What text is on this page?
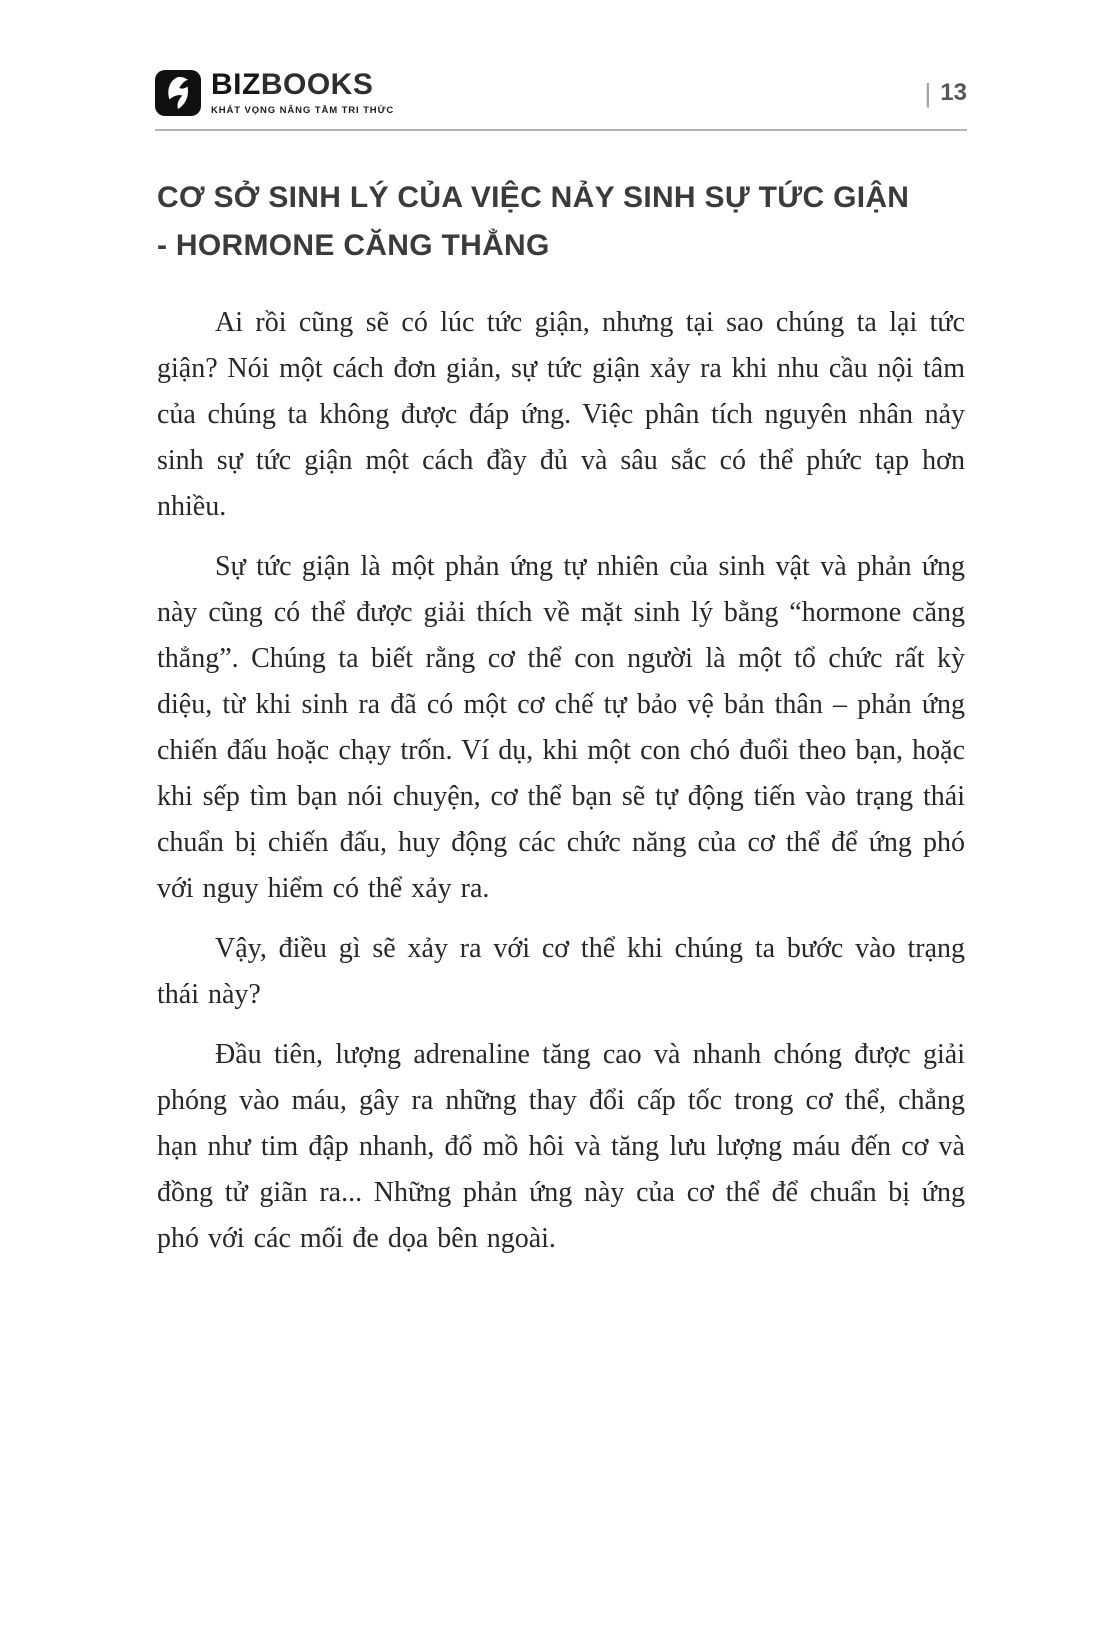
BIZBOOKS
KHÁT VỌNG NÂNG TẦM TRI THỨC
| 13
CƠ SỞ SINH LÝ CỦA VIỆC NẢY SINH SỰ TỨC GIẬN
- HORMONE CĂNG THẲNG

Ai rồi cũng sẽ có lúc tức giận, nhưng tại sao chúng ta lại tức giận? Nói một cách đơn giản, sự tức giận xảy ra khi nhu cầu nội tâm của chúng ta không được đáp ứng. Việc phân tích nguyên nhân nảy sinh sự tức giận một cách đầy đủ và sâu sắc có thể phức tạp hơn nhiều.

Sự tức giận là một phản ứng tự nhiên của sinh vật và phản ứng này cũng có thể được giải thích về mặt sinh lý bằng “hormone căng thẳng”. Chúng ta biết rằng cơ thể con người là một tổ chức rất kỳ diệu, từ khi sinh ra đã có một cơ chế tự bảo vệ bản thân – phản ứng chiến đấu hoặc chạy trốn. Ví dụ, khi một con chó đuổi theo bạn, hoặc khi sếp tìm bạn nói chuyện, cơ thể bạn sẽ tự động tiến vào trạng thái chuẩn bị chiến đấu, huy động các chức năng của cơ thể để ứng phó với nguy hiểm có thể xảy ra.

Vậy, điều gì sẽ xảy ra với cơ thể khi chúng ta bước vào trạng thái này?

Đầu tiên, lượng adrenaline tăng cao và nhanh chóng được giải phóng vào máu, gây ra những thay đổi cấp tốc trong cơ thể, chẳng hạn như tim đập nhanh, đổ mồ hôi và tăng lưu lượng máu đến cơ và đồng tử giãn ra... Những phản ứng này của cơ thể để chuẩn bị ứng phó với các mối đe dọa bên ngoài.
